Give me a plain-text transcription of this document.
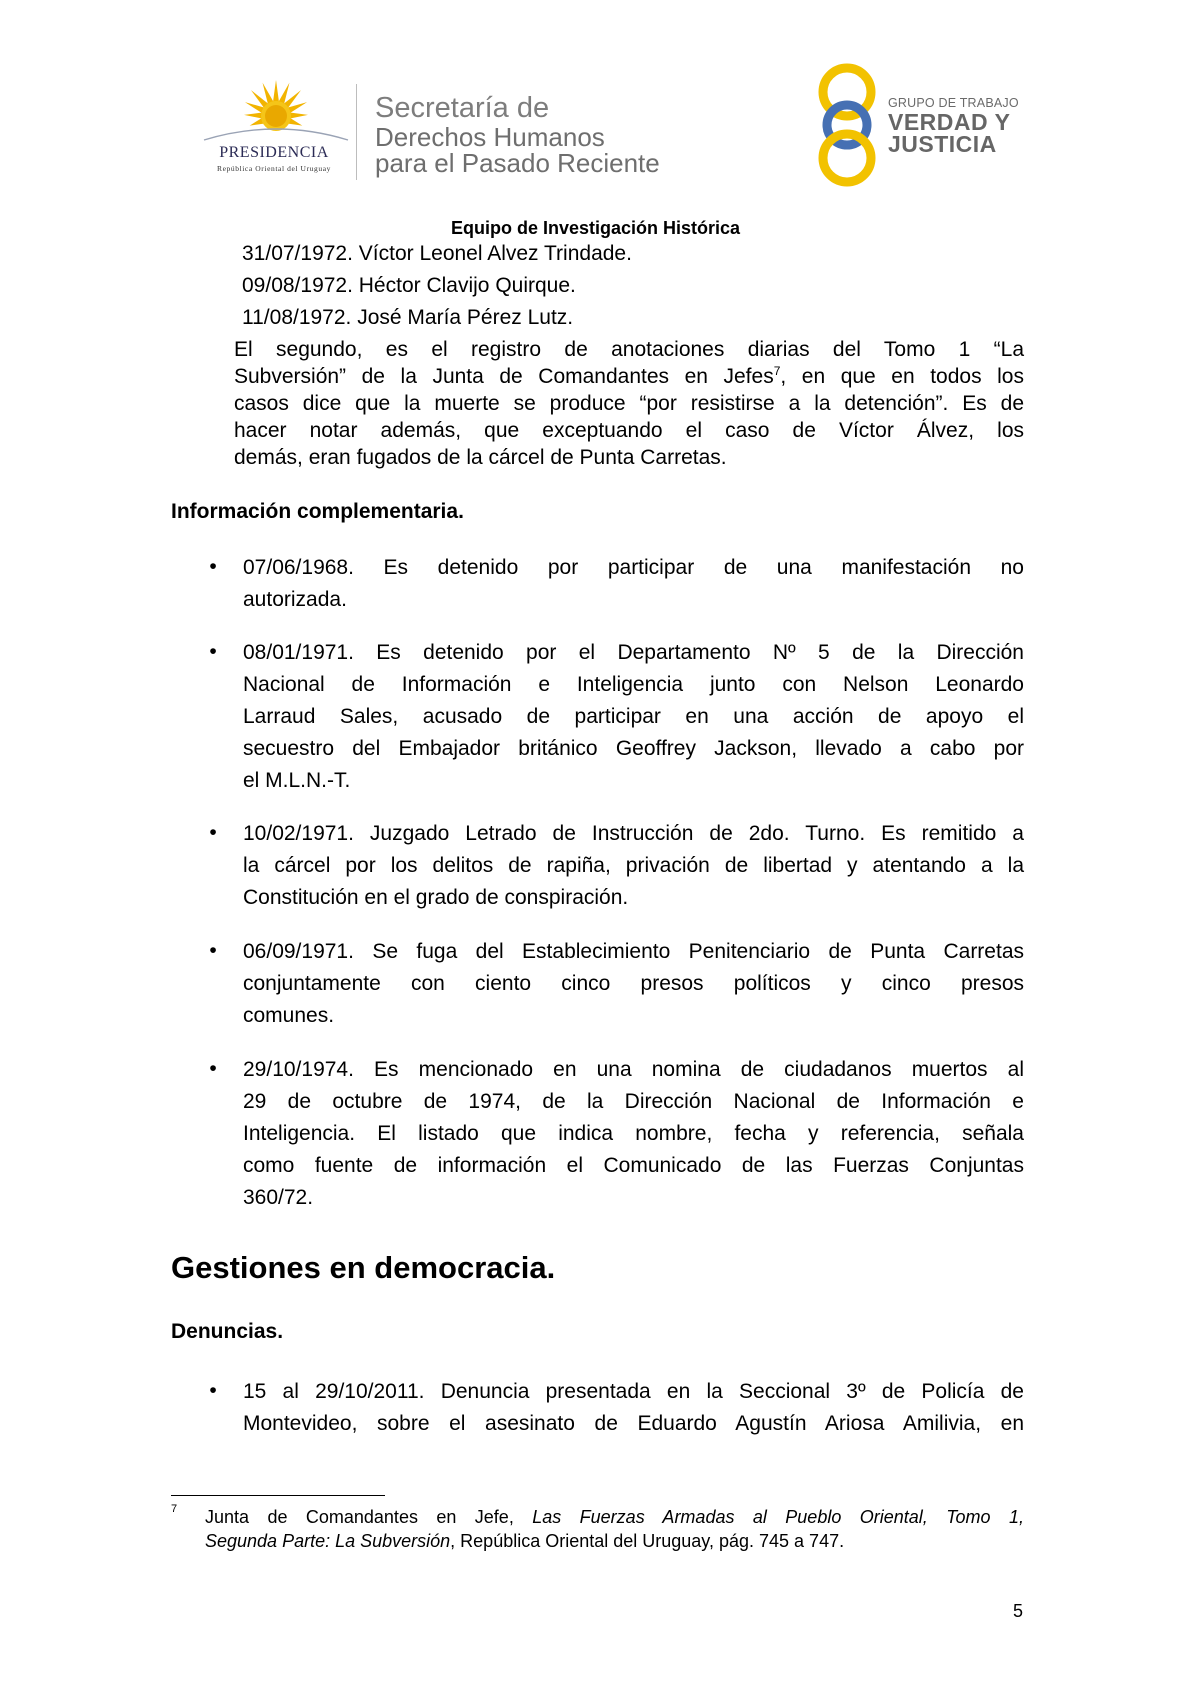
PRESIDENCIA
República Oriental del Uruguay
Secretaría de
Derechos Humanos
para el Pasado Reciente
GRUPO DE TRABAJO
VERDAD Y
JUSTICIA
Equipo de Investigación Histórica
31/07/1972. Víctor Leonel Alvez Trindade.
09/08/1972. Héctor Clavijo Quirque.
11/08/1972. José María Pérez Lutz.
El segundo, es el registro de anotaciones diarias del Tomo 1 “La
Subversión” de la Junta de Comandantes en Jefes$^7$, en que en todos los
casos dice que la muerte se produce “por resistirse a la detención”. Es de
hacer notar además, que exceptuando el caso de Víctor Álvez, los
demás, eran fugados de la cárcel de Punta Carretas.
Información complementaria.
• 07/06/1968. Es detenido por participar de una manifestación no
autorizada.
• 08/01/1971. Es detenido por el Departamento Nº 5 de la Dirección
Nacional de Información e Inteligencia junto con Nelson Leonardo
Larraud Sales, acusado de participar en una acción de apoyo el
secuestro del Embajador británico Geoffrey Jackson, llevado a cabo por
el M.L.N.-T.
• 10/02/1971. Juzgado Letrado de Instrucción de 2do. Turno. Es remitido a
la cárcel por los delitos de rapiña, privación de libertad y atentando a la
Constitución en el grado de conspiración.
• 06/09/1971. Se fuga del Establecimiento Penitenciario de Punta Carretas
conjuntamente con ciento cinco presos políticos y cinco presos
comunes.
• 29/10/1974. Es mencionado en una nomina de ciudadanos muertos al
29 de octubre de 1974, de la Dirección Nacional de Información e
Inteligencia. El listado que indica nombre, fecha y referencia, señala
como fuente de información el Comunicado de las Fuerzas Conjuntas
360/72.
Gestiones en democracia.
Denuncias.
• 15 al 29/10/2011. Denuncia presentada en la Seccional 3º de Policía de
Montevideo, sobre el asesinato de Eduardo Agustín Ariosa Amilivia, en
7 Junta de Comandantes en Jefe, Las Fuerzas Armadas al Pueblo Oriental, Tomo 1,
Segunda Parte: La Subversión, República Oriental del Uruguay, pág. 745 a 747.
5
